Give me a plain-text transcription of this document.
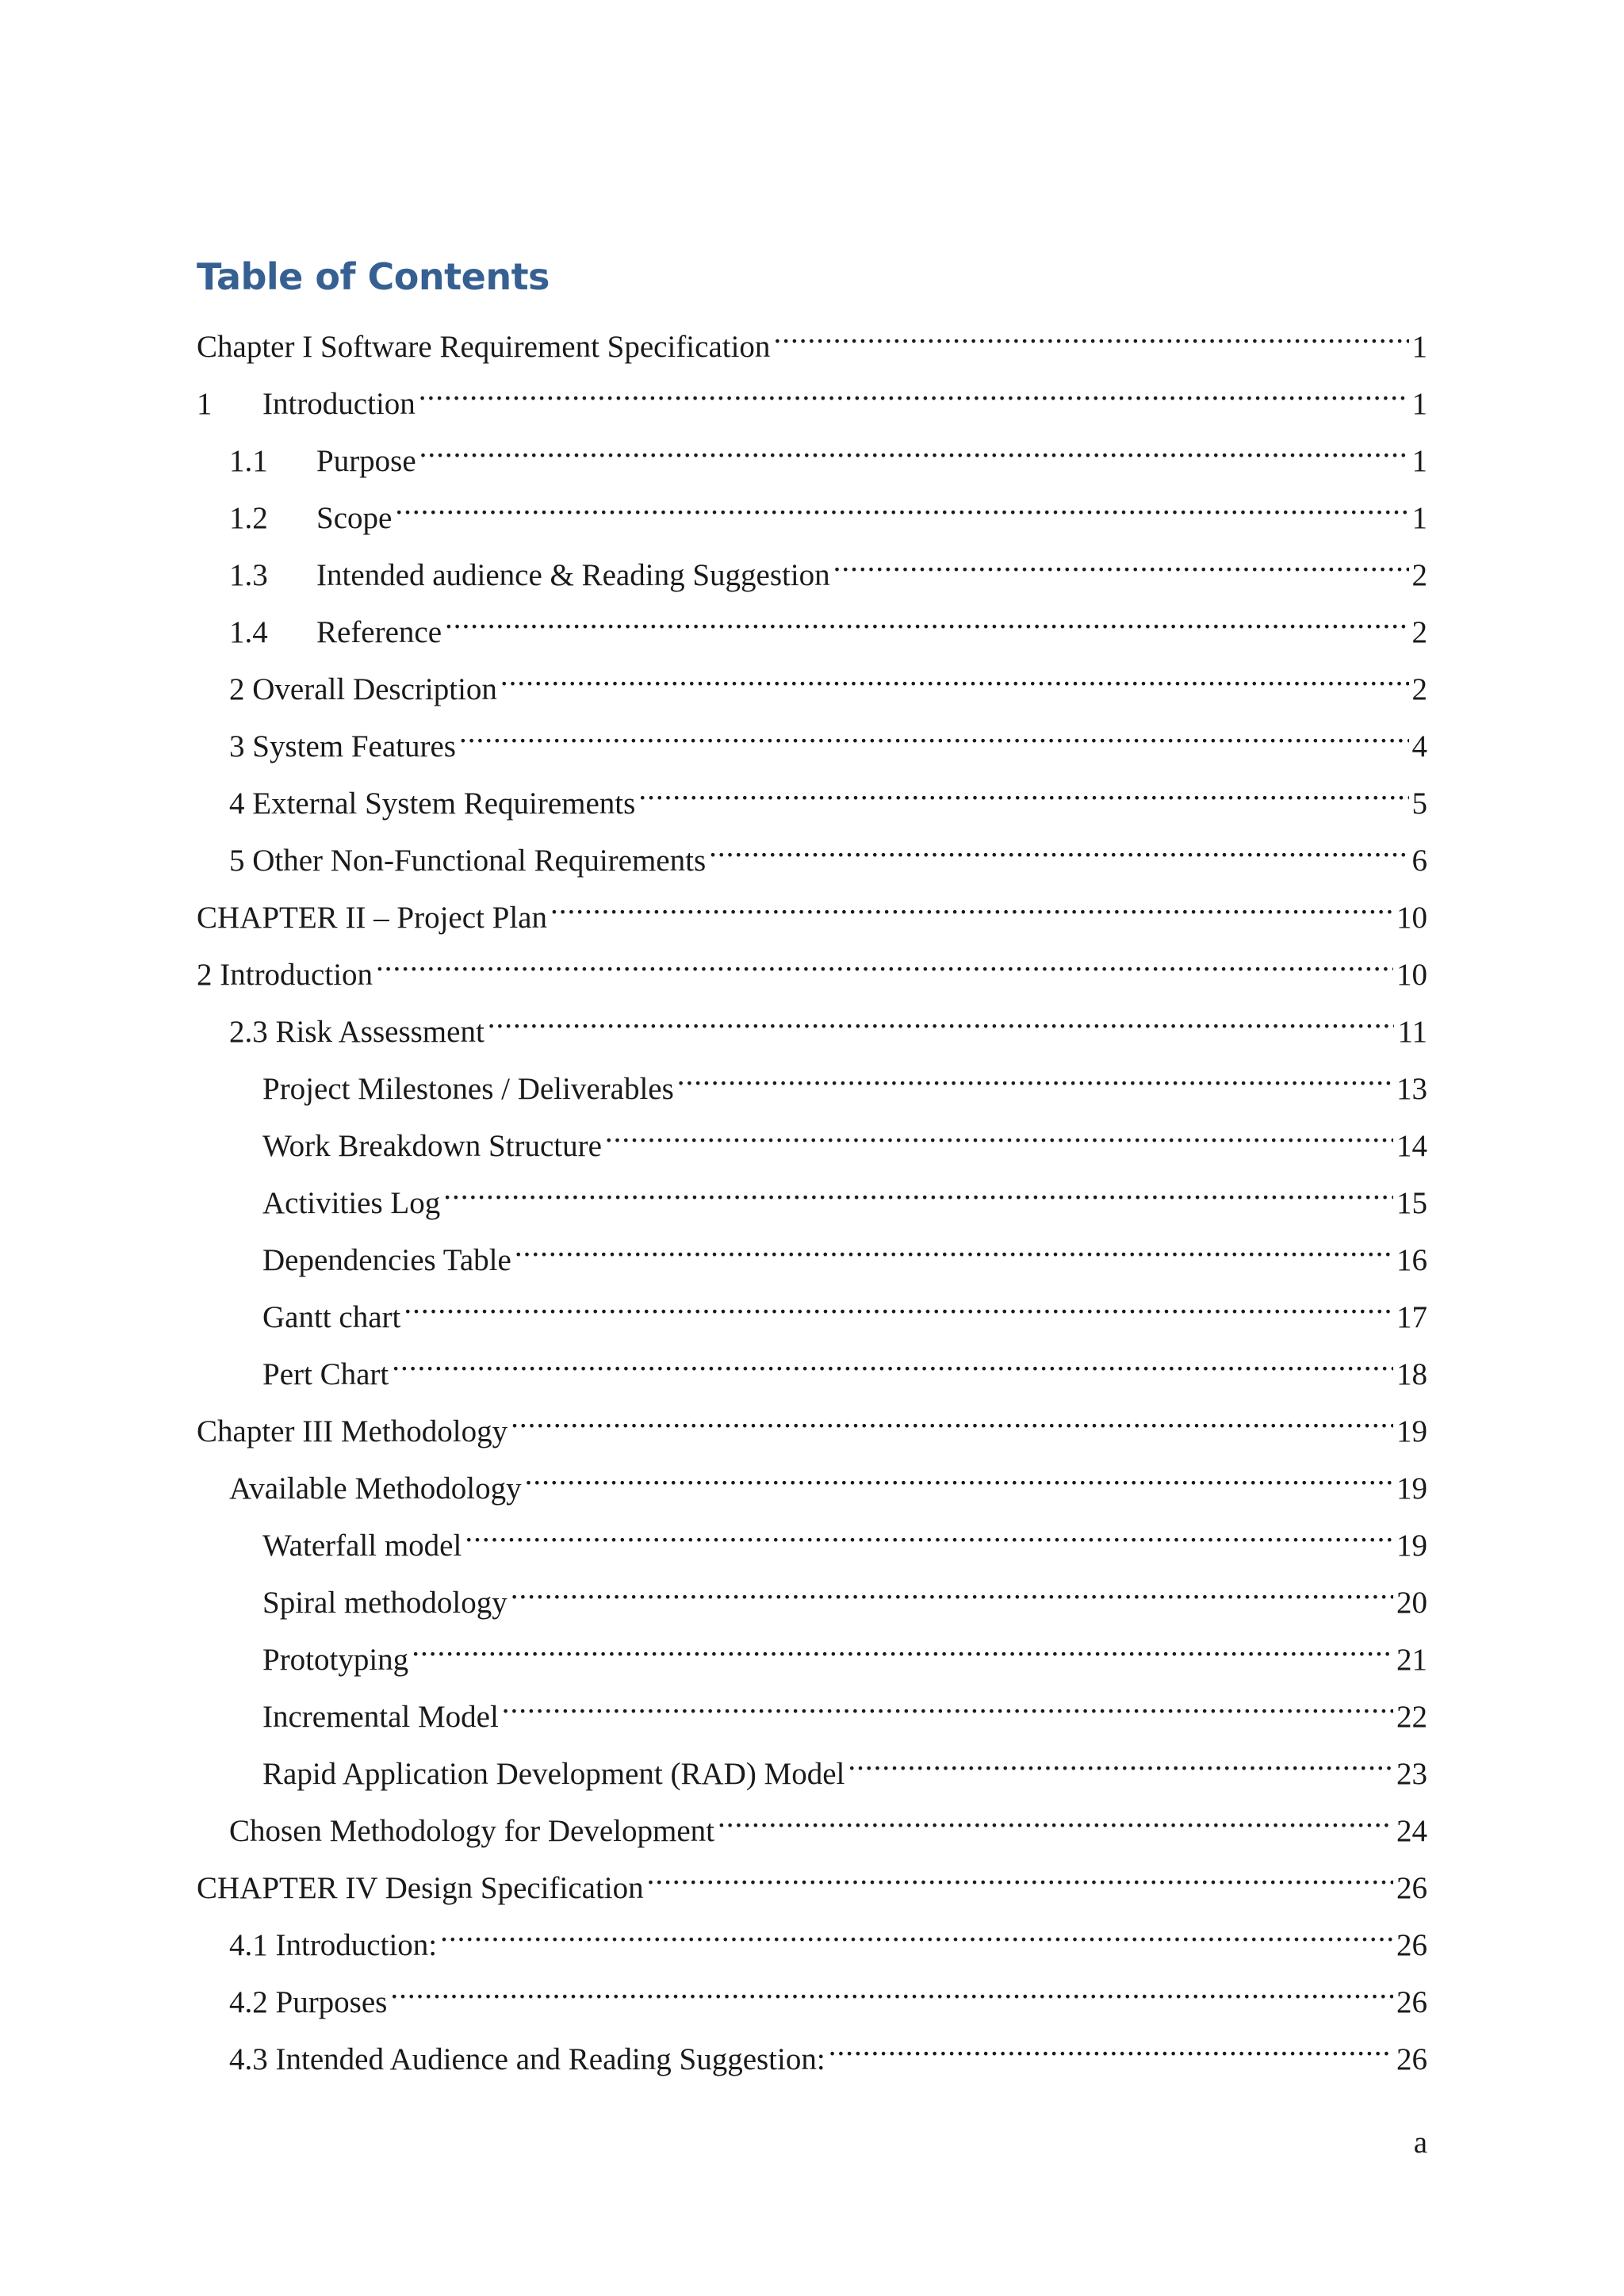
Table of Contents
Chapter I Software Requirement Specification .....	1
1	Introduction .....	1
1.1	Purpose .....	1
1.2	Scope .....	1
1.3	Intended audience & Reading Suggestion .....	2
1.4	Reference .....	2
2 Overall Description .....	2
3 System Features .....	4
4 External System Requirements .....	5
5 Other Non-Functional Requirements .....	6
CHAPTER II – Project Plan .....	10
2 Introduction .....	10
2.3 Risk Assessment .....	11
Project Milestones / Deliverables .....	13
Work Breakdown Structure .....	14
Activities Log .....	15
Dependencies Table .....	16
Gantt chart .....	17
Pert Chart .....	18
Chapter III Methodology .....	19
Available Methodology .....	19
Waterfall model .....	19
Spiral methodology .....	20
Prototyping .....	21
Incremental Model .....	22
Rapid Application Development (RAD) Model .....	23
Chosen Methodology for Development .....	24
CHAPTER IV Design Specification .....	26
4.1 Introduction: .....	26
4.2 Purposes .....	26
4.3 Intended Audience and Reading Suggestion: .....	26

a
